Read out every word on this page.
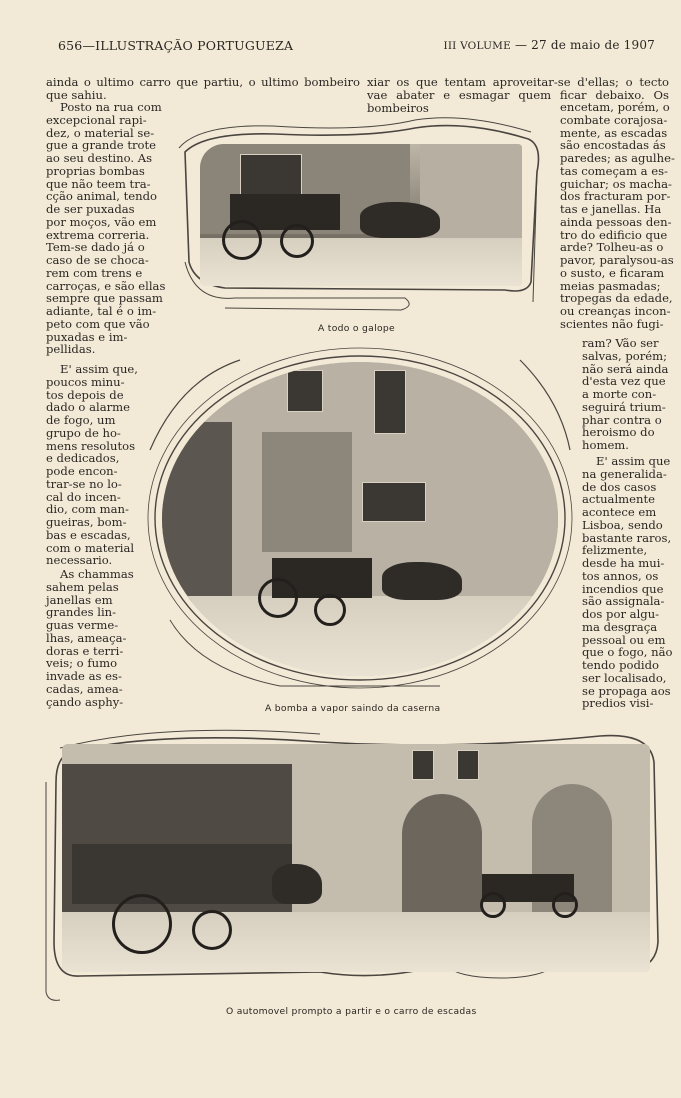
656—ILLUSTRAÇÃO PORTUGUEZA	III VOLUME — 27 de maio de 1907
ainda o ultimo carro que partiu, o ultimo bombeiro que sahiu.
xiar os que tentam aproveitar-se d'ellas; o tecto vae abater e esmagar quem ficar debaixo. Os bombeiros
Posto na rua com
excepcional rapi-
dez, o material se-
gue a grande trote
ao seu destino. As
proprias bombas
que não teem tra-
cção animal, tendo
de ser puxadas
por moços, vão em
extrema correria.
Tem-se dado já o
caso de se choca-
rem com trens e
carroças, e são ellas
sempre que passam
adiante, tal é o im-
peto com que vão
puxadas e im-
pellidas.
E' assim que,
poucos minu-
tos depois de
dado o alarme
de fogo, um
grupo de ho-
mens resolutos
e dedicados,
pode encon-
trar-se no lo-
cal do incen-
dio, com man-
gueiras, bom-
bas e escadas,
com o material
necessario.
As chammas
sahem pelas
janellas em
grandes lin-
guas verme-
lhas, ameaça-
doras e terri-
veis; o fumo
invade as es-
cadas, amea-
çando asphy-
encetam, porém, o
combate corajosa-
mente, as escadas
são encostadas ás
paredes; as agulhe-
tas começam a es-
guichar; os macha-
dos fracturam por-
tas e janellas. Ha
ainda pessoas den-
tro do edificio que
arde? Tolheu-as o
pavor, paralysou-as
o susto, e ficaram
meias pasmadas;
tropegas da edade,
ou creanças incon-
scientes não fugi-
ram? Vão ser
salvas, porém;
não será ainda
d'esta vez que
a morte con-
seguirá trium-
phar contra o
heroismo do
homem.
E' assim que
na generalida-
de dos casos
actualmente
acontece em
Lisboa, sendo
bastante raros,
felizmente,
desde ha mui-
tos annos, os
incendios que
são assignala-
dos por algu-
ma desgraça
pessoal ou em
que o fogo, não
tendo podido
ser localisado,
se propaga aos
predios visi-
A todo o galope
A bomba a vapor saindo da caserna
O automovel prompto a partir e o carro de escadas
